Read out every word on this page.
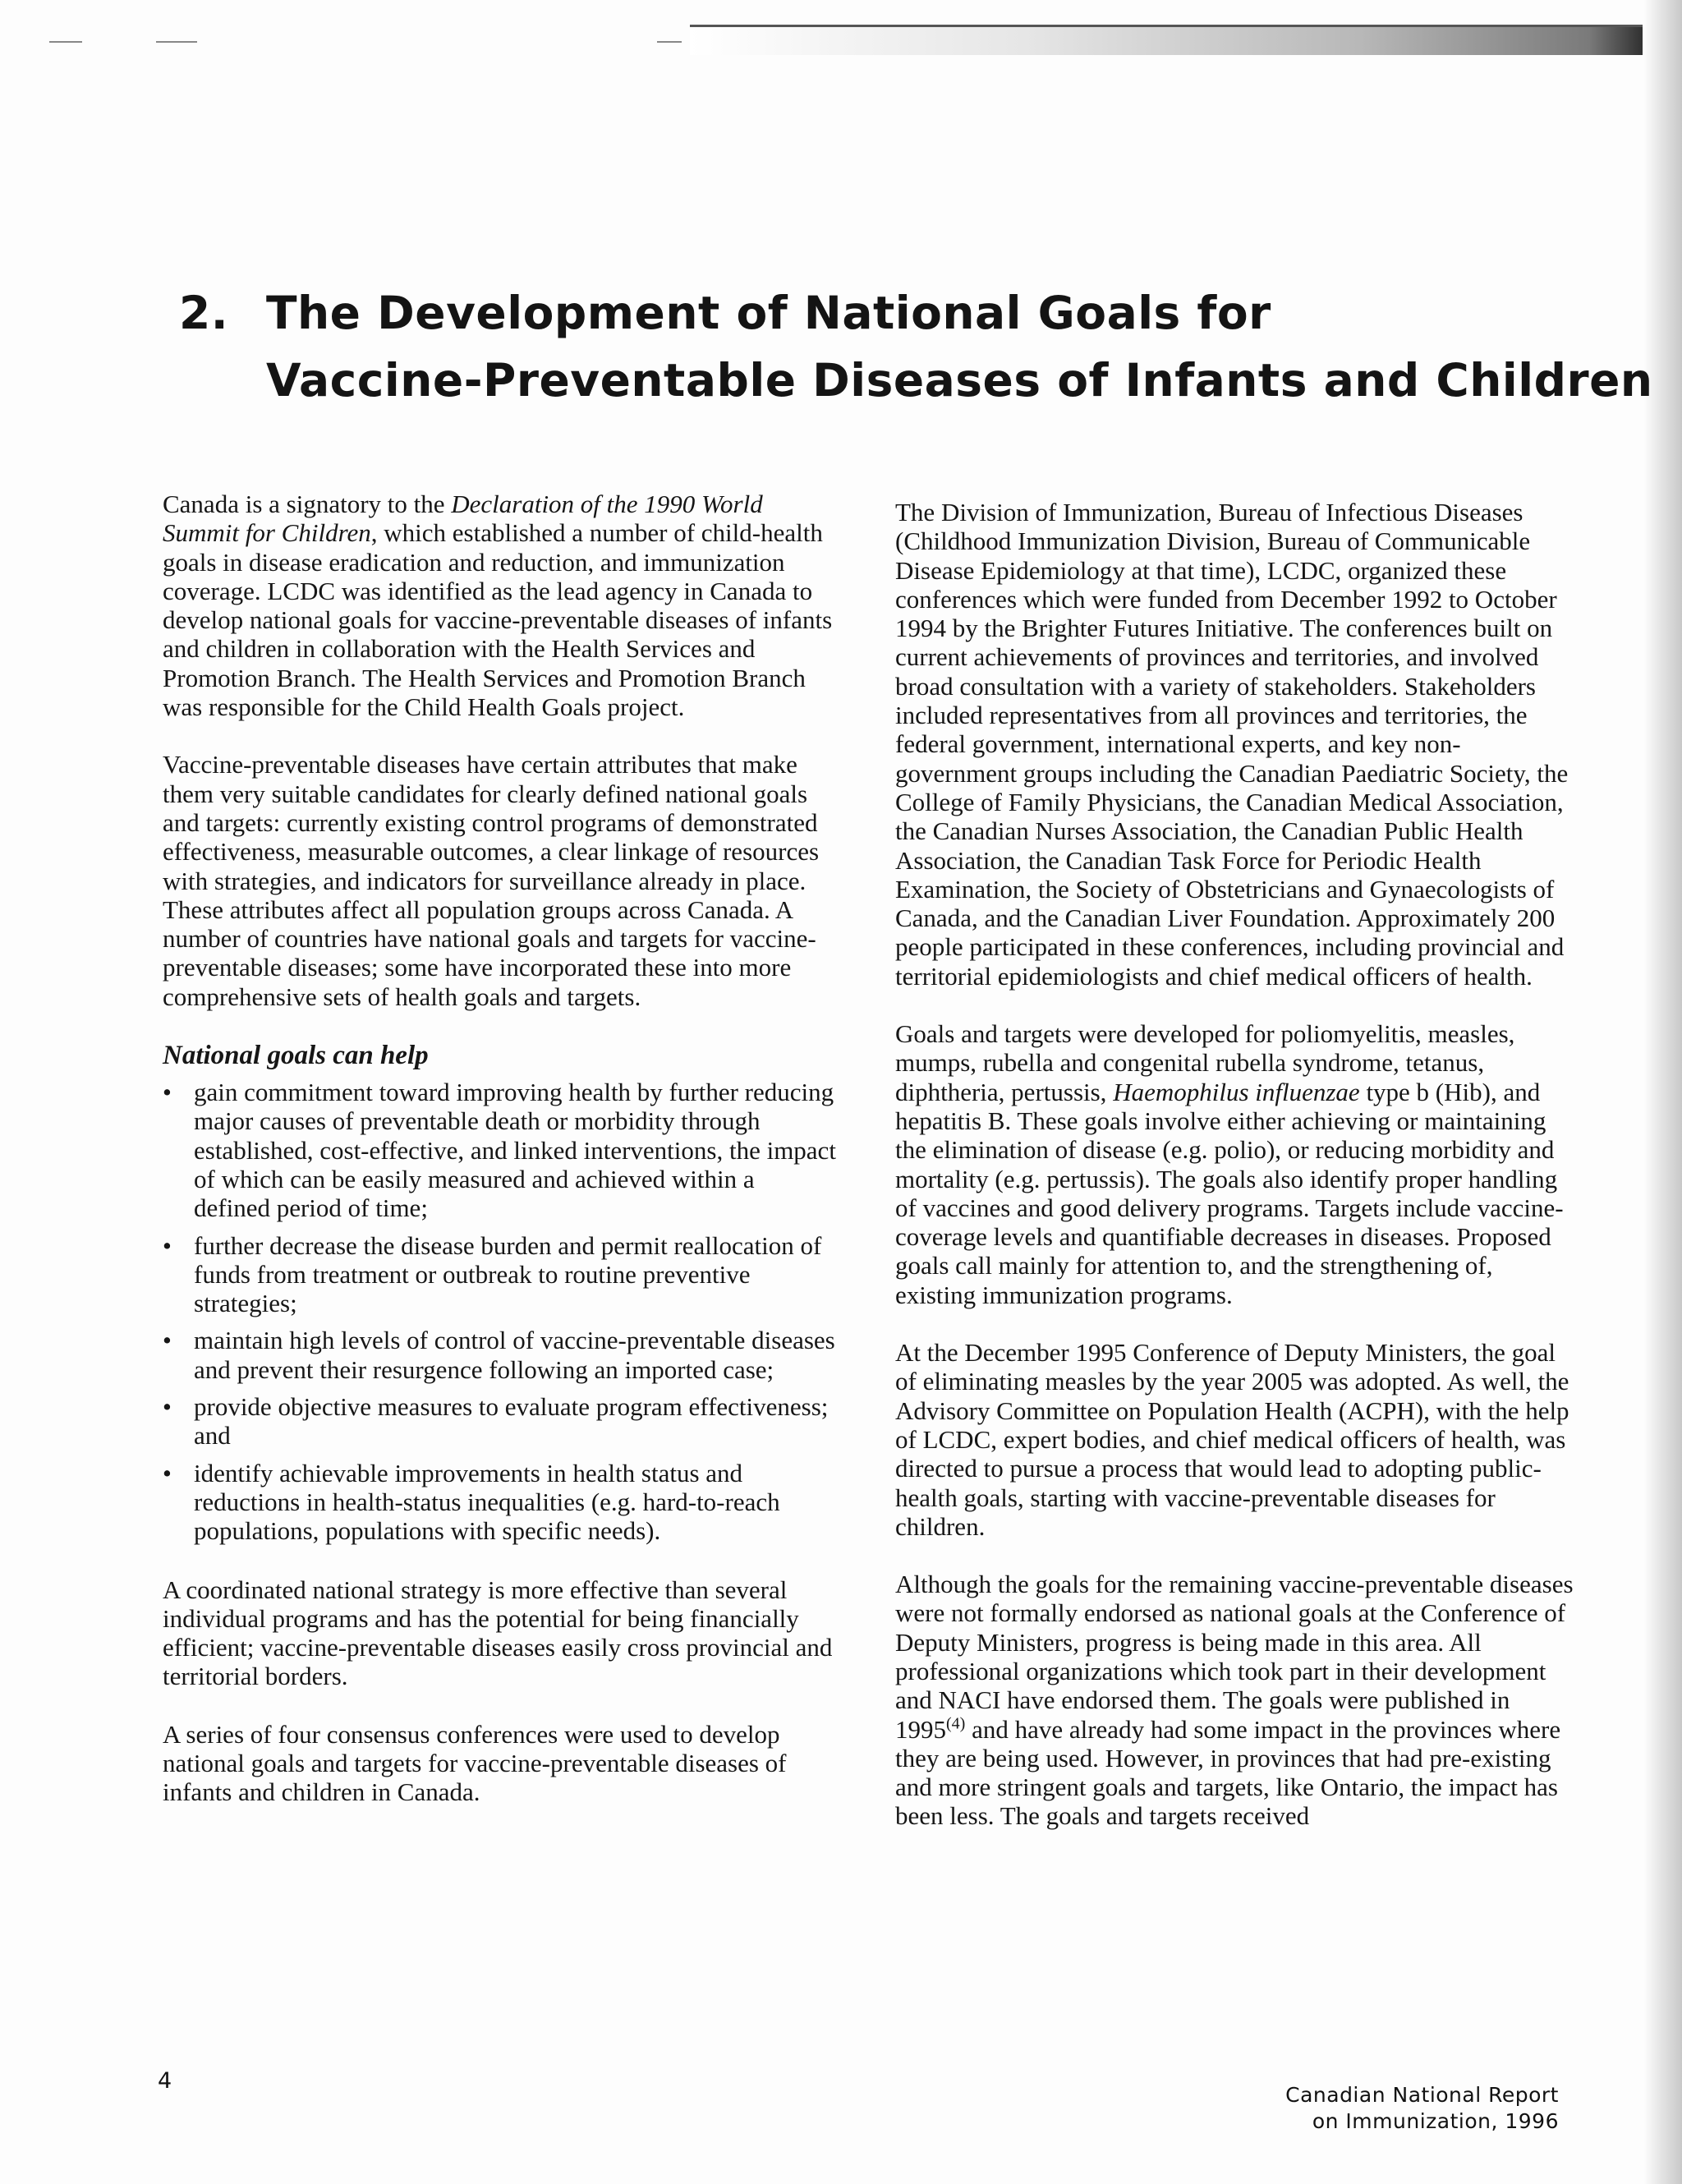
2. The Development of National Goals for
Vaccine-Preventable Diseases of Infants and Children

Canada is a signatory to the Declaration of the 1990 World Summit for Children, which established a number of child-health goals in disease eradication and reduction, and immunization coverage. LCDC was identified as the lead agency in Canada to develop national goals for vaccine-preventable diseases of infants and children in collaboration with the Health Services and Promotion Branch. The Health Services and Promotion Branch was responsible for the Child Health Goals project.

Vaccine-preventable diseases have certain attributes that make them very suitable candidates for clearly defined national goals and targets: currently existing control programs of demonstrated effectiveness, measurable outcomes, a clear linkage of resources with strategies, and indicators for surveillance already in place. These attributes affect all population groups across Canada. A number of countries have national goals and targets for vaccine-preventable diseases; some have incorporated these into more comprehensive sets of health goals and targets.

National goals can help
• gain commitment toward improving health by further reducing major causes of preventable death or morbidity through established, cost-effective, and linked interventions, the impact of which can be easily measured and achieved within a defined period of time;
• further decrease the disease burden and permit reallocation of funds from treatment or outbreak to routine preventive strategies;
• maintain high levels of control of vaccine-preventable diseases and prevent their resurgence following an imported case;
• provide objective measures to evaluate program effectiveness; and
• identify achievable improvements in health status and reductions in health-status inequalities (e.g. hard-to-reach populations, populations with specific needs).

A coordinated national strategy is more effective than several individual programs and has the potential for being financially efficient; vaccine-preventable diseases easily cross provincial and territorial borders.

A series of four consensus conferences were used to develop national goals and targets for vaccine-preventable diseases of infants and children in Canada.

The Division of Immunization, Bureau of Infectious Diseases (Childhood Immunization Division, Bureau of Communicable Disease Epidemiology at that time), LCDC, organized these conferences which were funded from December 1992 to October 1994 by the Brighter Futures Initiative. The conferences built on current achievements of provinces and territories, and involved broad consultation with a variety of stakeholders. Stakeholders included representatives from all provinces and territories, the federal government, international experts, and key non-government groups including the Canadian Paediatric Society, the College of Family Physicians, the Canadian Medical Association, the Canadian Nurses Association, the Canadian Public Health Association, the Canadian Task Force for Periodic Health Examination, the Society of Obstetricians and Gynaecologists of Canada, and the Canadian Liver Foundation. Approximately 200 people participated in these conferences, including provincial and territorial epidemiologists and chief medical officers of health.

Goals and targets were developed for poliomyelitis, measles, mumps, rubella and congenital rubella syndrome, tetanus, diphtheria, pertussis, Haemophilus influenzae type b (Hib), and hepatitis B. These goals involve either achieving or maintaining the elimination of disease (e.g. polio), or reducing morbidity and mortality (e.g. pertussis). The goals also identify proper handling of vaccines and good delivery programs. Targets include vaccine-coverage levels and quantifiable decreases in diseases. Proposed goals call mainly for attention to, and the strengthening of, existing immunization programs.

At the December 1995 Conference of Deputy Ministers, the goal of eliminating measles by the year 2005 was adopted. As well, the Advisory Committee on Population Health (ACPH), with the help of LCDC, expert bodies, and chief medical officers of health, was directed to pursue a process that would lead to adopting public-health goals, starting with vaccine-preventable diseases for children.

Although the goals for the remaining vaccine-preventable diseases were not formally endorsed as national goals at the Conference of Deputy Ministers, progress is being made in this area. All professional organizations which took part in their development and NACI have endorsed them. The goals were published in 1995$^{(4)}$ and have already had some impact in the provinces where they are being used. However, in provinces that had pre-existing and more stringent goals and targets, like Ontario, the impact has been less. The goals and targets received

4
Canadian National Report
on Immunization, 1996
